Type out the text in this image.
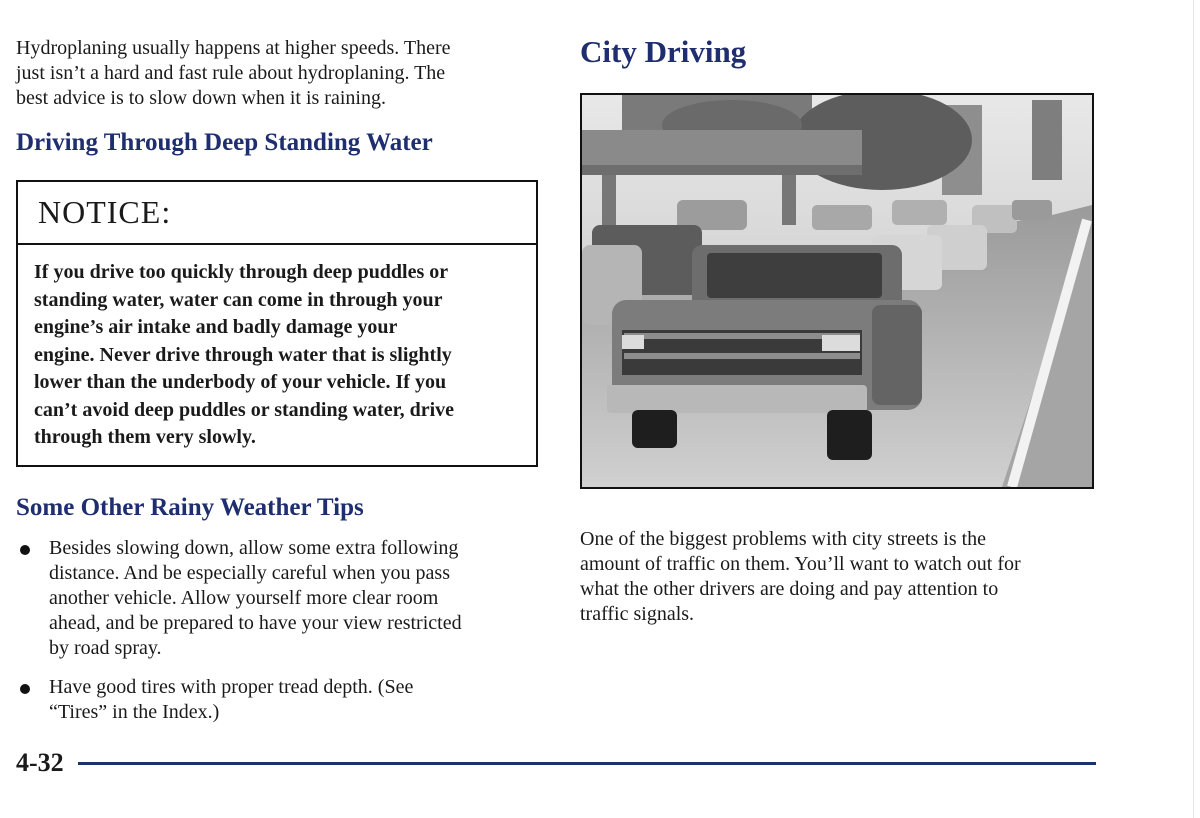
Hydroplaning usually happens at higher speeds. There
just isn’t a hard and fast rule about hydroplaning. The
best advice is to slow down when it is raining.

Driving Through Deep Standing Water
NOTICE:
If you drive too quickly through deep puddles or
standing water, water can come in through your
engine’s air intake and badly damage your
engine. Never drive through water that is slightly
lower than the underbody of your vehicle. If you
can’t avoid deep puddles or standing water, drive
through them very slowly.
Some Other Rainy Weather Tips
Besides slowing down, allow some extra following
distance. And be especially careful when you pass
another vehicle. Allow yourself more clear room
ahead, and be prepared to have your view restricted
by road spray.
Have good tires with proper tread depth. (See
“Tires” in the Index.)
City Driving

One of the biggest problems with city streets is the
amount of traffic on them. You’ll want to watch out for
what the other drivers are doing and pay attention to
traffic signals.

4-32
